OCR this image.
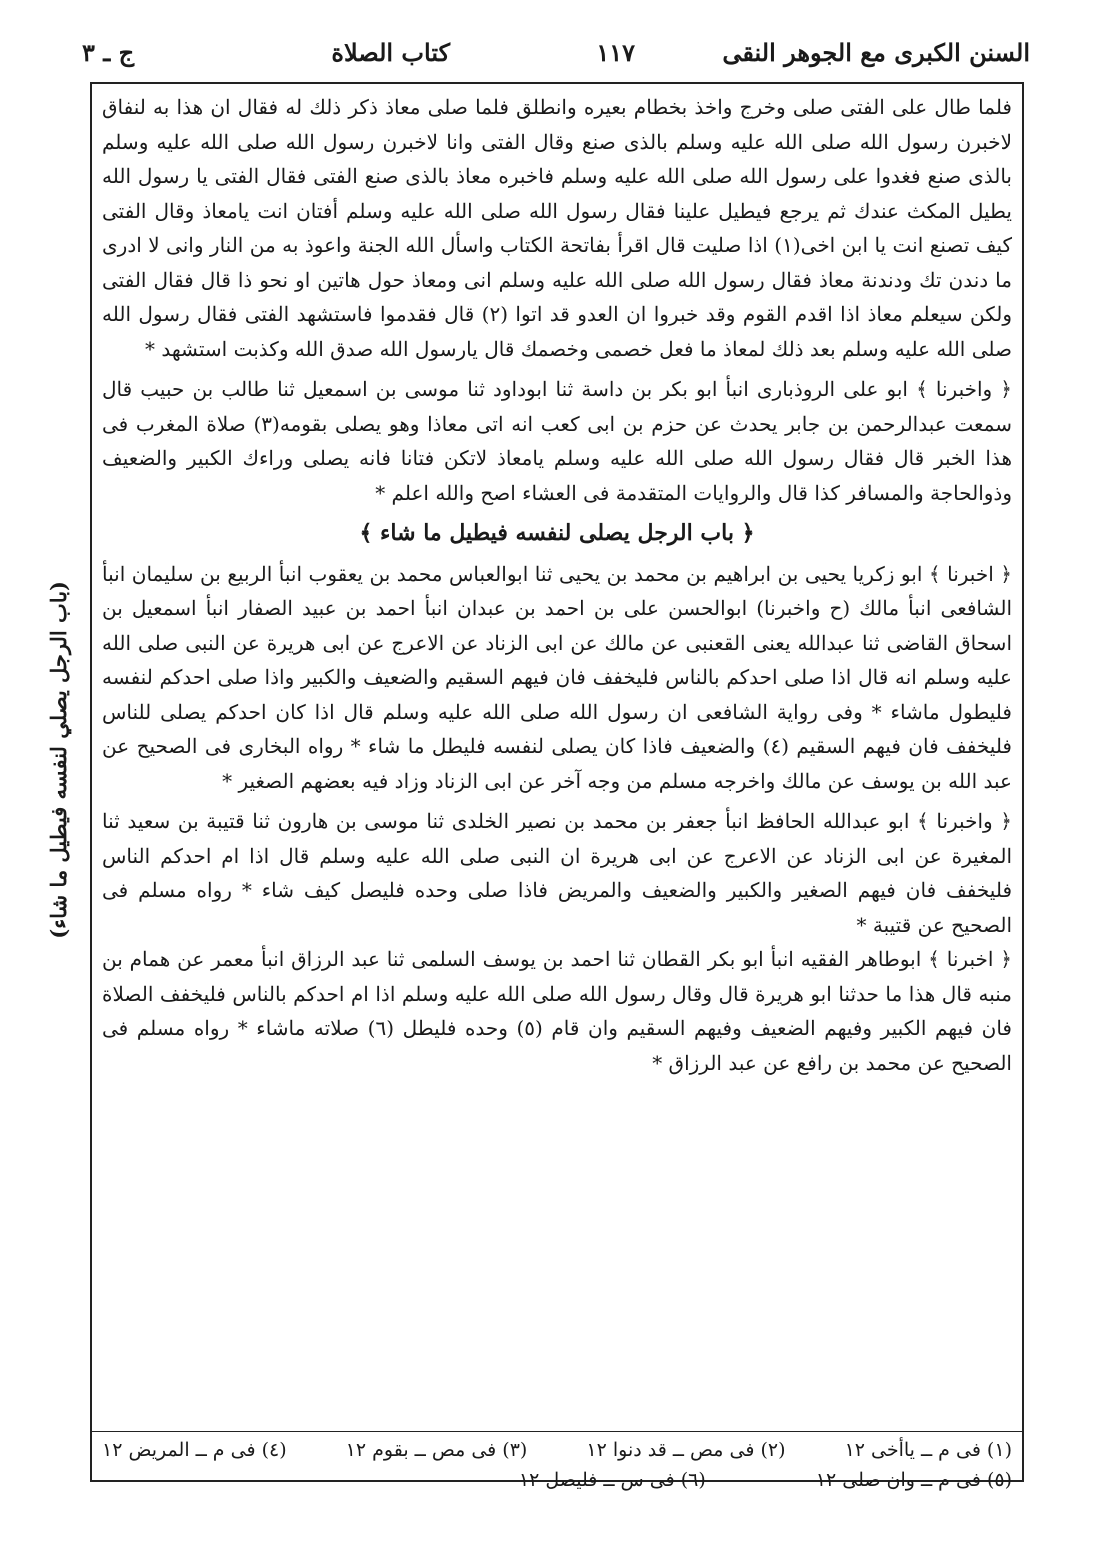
السنن الكبرى مع الجوهر النقى
١١٧
كتاب الصلاة
ج ـ ٣
(باب الرجل يصلي لنفسه فيطيل ما شاء)

فلما طال على الفتى صلى وخرج واخذ بخطام بعيره وانطلق فلما صلى معاذ ذكر ذلك له فقال ان هذا به لنفاق لاخبرن رسول الله صلى الله عليه وسلم بالذى صنع وقال الفتى وانا لاخبرن رسول الله صلى الله عليه وسلم بالذى صنع فغدوا على رسول الله صلى الله عليه وسلم فاخبره معاذ بالذى صنع الفتى فقال الفتى يا رسول الله يطيل المكث عندك ثم يرجع فيطيل علينا فقال رسول الله صلى الله عليه وسلم أفتان انت يامعاذ وقال الفتى كيف تصنع انت يا ابن اخى(١) اذا صليت قال اقرأ بفاتحة الكتاب واسأل الله الجنة واعوذ به من النار وانى لا ادرى ما دندن تك ودندنة معاذ فقال رسول الله صلى الله عليه وسلم انى ومعاذ حول هاتين او نحو ذا قال فقال الفتى ولكن سيعلم معاذ اذا اقدم القوم وقد خبروا ان العدو قد اتوا (٢) قال فقدموا فاستشهد الفتى فقال رسول الله صلى الله عليه وسلم بعد ذلك لمعاذ ما فعل خصمى وخصمك قال يارسول الله صدق الله وكذبت استشهد *

﴿ واخبرنا ﴾ ابو على الروذبارى انبأ ابو بكر بن داسة ثنا ابوداود ثنا موسى بن اسمعيل ثنا طالب بن حبيب قال سمعت عبدالرحمن بن جابر يحدث عن حزم بن ابى كعب انه اتى معاذا وهو يصلى بقومه(٣) صلاة المغرب فى هذا الخبر قال فقال رسول الله صلى الله عليه وسلم يامعاذ لاتكن فتانا فانه يصلى وراءك الكبير والضعيف وذوالحاجة والمسافر كذا قال والروايات المتقدمة فى العشاء اصح والله اعلم *

﴿ باب الرجل يصلى لنفسه فيطيل ما شاء ﴾

﴿ اخبرنا ﴾ ابو زكريا يحيى بن ابراهيم بن محمد بن يحيى ثنا ابوالعباس محمد بن يعقوب انبأ الربيع بن سليمان انبأ الشافعى انبأ مالك (ح واخبرنا) ابوالحسن على بن احمد بن عبدان انبأ احمد بن عبيد الصفار انبأ اسمعيل بن اسحاق القاضى ثنا عبدالله يعنى القعنبى عن مالك عن ابى الزناد عن الاعرج عن ابى هريرة عن النبى صلى الله عليه وسلم انه قال اذا صلى احدكم بالناس فليخفف فان فيهم السقيم والضعيف والكبير واذا صلى احدكم لنفسه فليطول ماشاء * وفى رواية الشافعى ان رسول الله صلى الله عليه وسلم قال اذا كان احدكم يصلى للناس فليخفف فان فيهم السقيم (٤) والضعيف فاذا كان يصلى لنفسه فليطل ما شاء * رواه البخارى فى الصحيح عن عبد الله بن يوسف عن مالك واخرجه مسلم من وجه آخر عن ابى الزناد وزاد فيه بعضهم الصغير *

﴿ واخبرنا ﴾ ابو عبدالله الحافظ انبأ جعفر بن محمد بن نصير الخلدى ثنا موسى بن هارون ثنا قتيبة بن سعيد ثنا المغيرة عن ابى الزناد عن الاعرج عن ابى هريرة ان النبى صلى الله عليه وسلم قال اذا ام احدكم الناس فليخفف فان فيهم الصغير والكبير والضعيف والمريض فاذا صلى وحده فليصل كيف شاء * رواه مسلم فى الصحيح عن قتيبة *

﴿ اخبرنا ﴾ ابوطاهر الفقيه انبأ ابو بكر القطان ثنا احمد بن يوسف السلمى ثنا عبد الرزاق انبأ معمر عن همام بن منبه قال هذا ما حدثنا ابو هريرة قال وقال رسول الله صلى الله عليه وسلم اذا ام احدكم بالناس فليخفف الصلاة فان فيهم الكبير وفيهم الضعيف وفيهم السقيم وان قام (٥) وحده فليطل (٦) صلاته ماشاء * رواه مسلم فى الصحيح عن محمد بن رافع عن عبد الرزاق *

(١) فى م ــ ياأخى ١٢
(٢) فى مص ــ قد دنوا ١٢
(٣) فى مص ــ بقوم ١٢
(٤) فى م ــ المريض ١٢
(٥) فى م ــ وان صلى ١٢
(٦) فى س ــ فليصل ١٢
